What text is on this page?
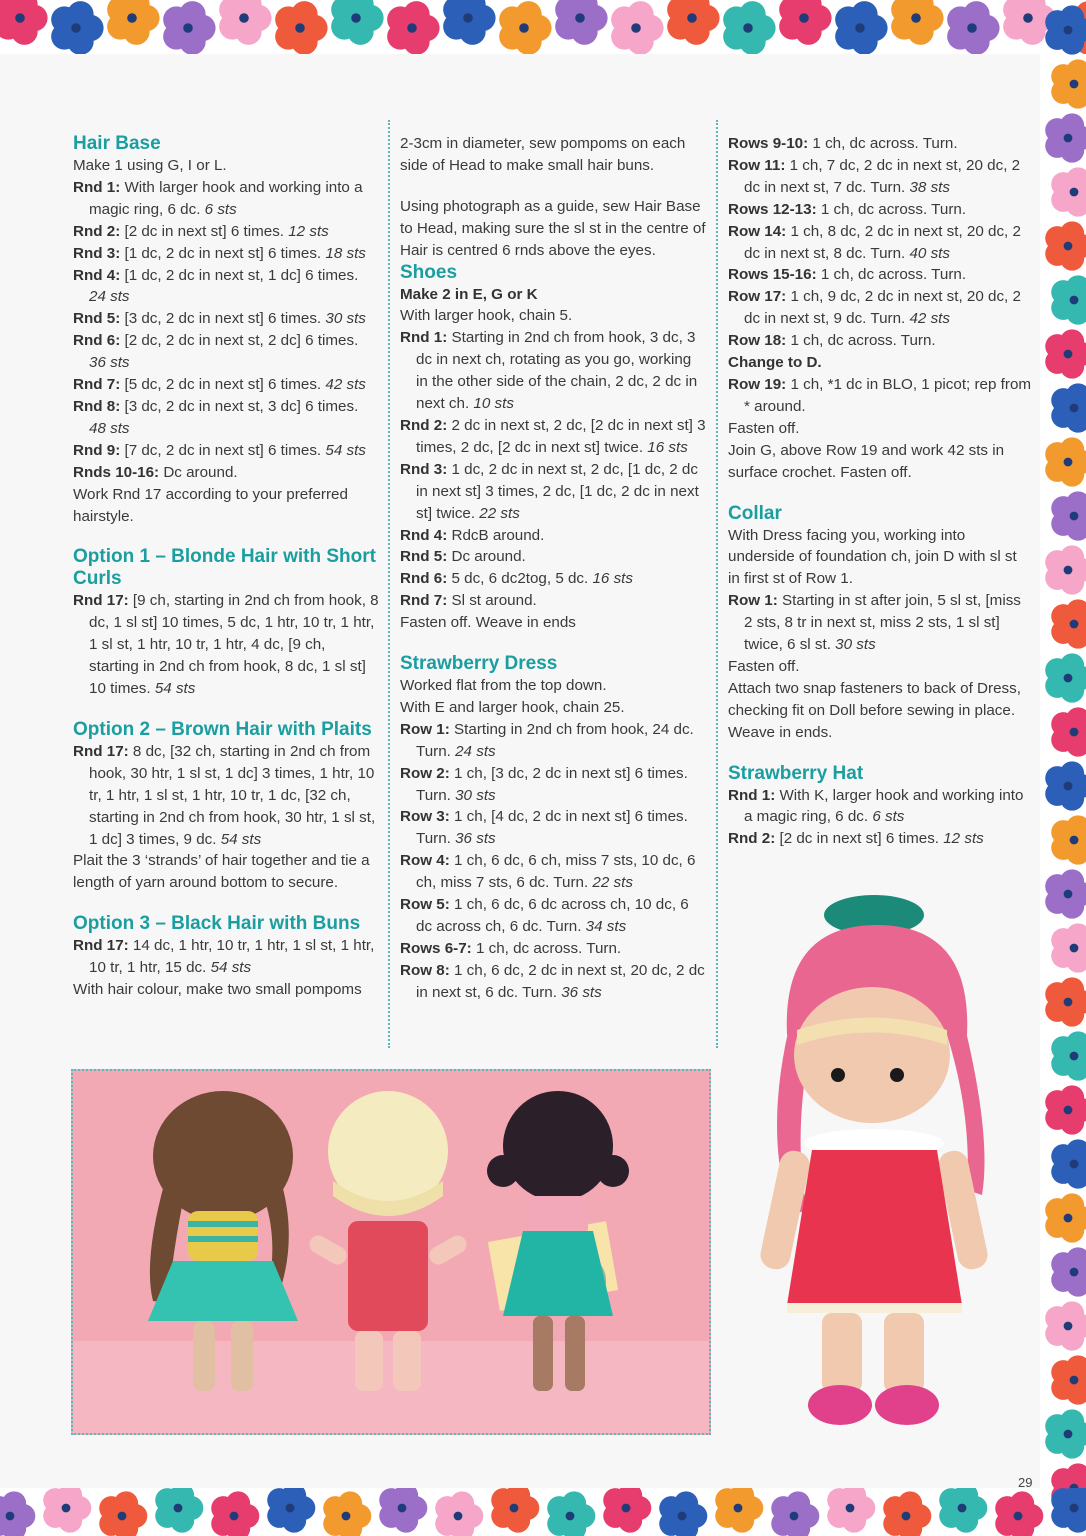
Hair Base

Make 1 using G, I or L.

Rnd 1: With larger hook and working into a magic ring, 6 dc. 6 sts

Rnd 2: [2 dc in next st] 6 times. 12 sts

Rnd 3: [1 dc, 2 dc in next st] 6 times. 18 sts

Rnd 4: [1 dc, 2 dc in next st, 1 dc] 6 times. 24 sts

Rnd 5: [3 dc, 2 dc in next st] 6 times. 30 sts

Rnd 6: [2 dc, 2 dc in next st, 2 dc] 6 times. 36 sts

Rnd 7: [5 dc, 2 dc in next st] 6 times. 42 sts

Rnd 8: [3 dc, 2 dc in next st, 3 dc] 6 times. 48 sts

Rnd 9: [7 dc, 2 dc in next st] 6 times. 54 sts

Rnds 10-16: Dc around.

Work Rnd 17 according to your preferred hairstyle.

Option 1 – Blonde Hair with Short Curls

Rnd 17: [9 ch, starting in 2nd ch from hook, 8 dc, 1 sl st] 10 times, 5 dc, 1 htr, 10 tr, 1 htr, 1 sl st, 1 htr, 10 tr, 1 htr, 4 dc, [9 ch, starting in 2nd ch from hook, 8 dc, 1 sl st] 10 times. 54 sts

Option 2 – Brown Hair with Plaits

Rnd 17: 8 dc, [32 ch, starting in 2nd ch from hook, 30 htr, 1 sl st, 1 dc] 3 times, 1 htr, 10 tr, 1 htr, 1 sl st, 1 htr, 10 tr, 1 dc, [32 ch, starting in 2nd ch from hook, 30 htr, 1 sl st, 1 dc] 3 times, 9 dc. 54 sts

Plait the 3 ‘strands’ of hair together and tie a length of yarn around bottom to secure.

Option 3 – Black Hair with Buns

Rnd 17: 14 dc, 1 htr, 10 tr, 1 htr, 1 sl st, 1 htr, 10 tr, 1 htr, 15 dc. 54 sts

With hair colour, make two small pompoms

2-3cm in diameter, sew pompoms on each side of Head to make small hair buns.

Using photograph as a guide, sew Hair Base to Head, making sure the sl st in the centre of Hair is centred 6 rnds above the eyes.

Shoes

Make 2 in E, G or K

With larger hook, chain 5.

Rnd 1: Starting in 2nd ch from hook, 3 dc, 3 dc in next ch, rotating as you go, working in the other side of the chain, 2 dc, 2 dc in next ch. 10 sts

Rnd 2: 2 dc in next st, 2 dc, [2 dc in next st] 3 times, 2 dc, [2 dc in next st] twice. 16 sts

Rnd 3: 1 dc, 2 dc in next st, 2 dc, [1 dc, 2 dc in next st] 3 times, 2 dc, [1 dc, 2 dc in next st] twice. 22 sts

Rnd 4: RdcB around.

Rnd 5: Dc around.

Rnd 6: 5 dc, 6 dc2tog, 5 dc. 16 sts

Rnd 7: Sl st around.

Fasten off. Weave in ends

Strawberry Dress

Worked flat from the top down.

With E and larger hook, chain 25.

Row 1: Starting in 2nd ch from hook, 24 dc. Turn. 24 sts

Row 2: 1 ch, [3 dc, 2 dc in next st] 6 times. Turn. 30 sts

Row 3: 1 ch, [4 dc, 2 dc in next st] 6 times. Turn. 36 sts

Row 4: 1 ch, 6 dc, 6 ch, miss 7 sts, 10 dc, 6 ch, miss 7 sts, 6 dc. Turn. 22 sts

Row 5: 1 ch, 6 dc, 6 dc across ch, 10 dc, 6 dc across ch, 6 dc. Turn. 34 sts

Rows 6-7: 1 ch, dc across. Turn.

Row 8: 1 ch, 6 dc, 2 dc in next st, 20 dc, 2 dc in next st, 6 dc. Turn. 36 sts

Rows 9-10: 1 ch, dc across. Turn.

Row 11: 1 ch, 7 dc, 2 dc in next st, 20 dc, 2 dc in next st, 7 dc. Turn. 38 sts

Rows 12-13: 1 ch, dc across. Turn.

Row 14: 1 ch, 8 dc, 2 dc in next st, 20 dc, 2 dc in next st, 8 dc. Turn. 40 sts

Rows 15-16: 1 ch, dc across. Turn.

Row 17: 1 ch, 9 dc, 2 dc in next st, 20 dc, 2 dc in next st, 9 dc. Turn. 42 sts

Row 18: 1 ch, dc across. Turn.

Change to D.

Row 19: 1 ch, *1 dc in BLO, 1 picot; rep from * around.

Fasten off.

Join G, above Row 19 and work 42 sts in surface crochet. Fasten off.

Collar

With Dress facing you, working into underside of foundation ch, join D with sl st in first st of Row 1.

Row 1: Starting in st after join, 5 sl st, [miss 2 sts, 8 tr in next st, miss 2 sts, 1 sl st] twice, 6 sl st. 30 sts

Fasten off.

Attach two snap fasteners to back of Dress, checking fit on Doll before sewing in place. Weave in ends.

Strawberry Hat

Rnd 1: With K, larger hook and working into a magic ring, 6 dc. 6 sts

Rnd 2: [2 dc in next st] 6 times. 12 sts

29
